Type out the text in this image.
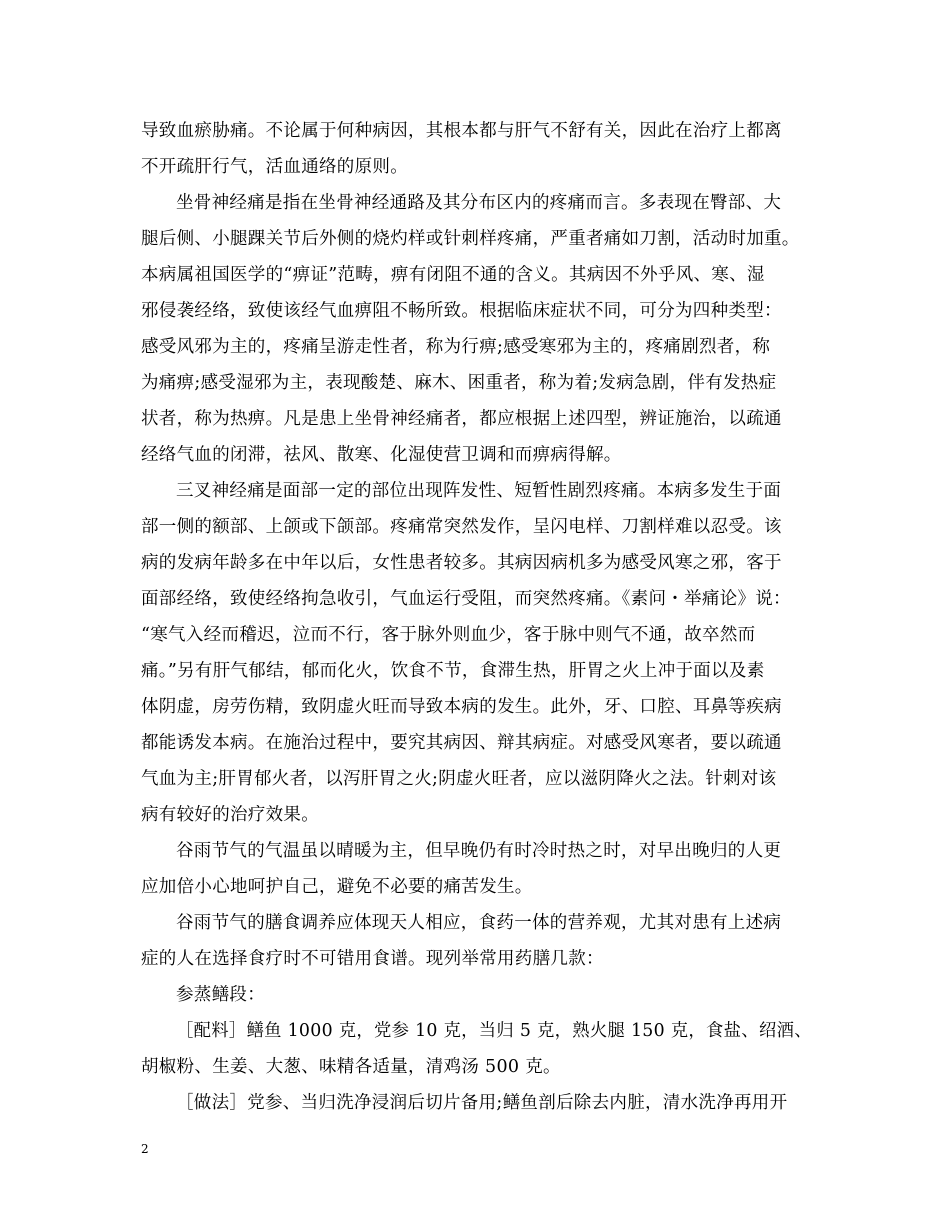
导致血瘀胁痛。不论属于何种病因，其根本都与肝气不舒有关，因此在治疗上都离
不开疏肝行气，活血通络的原则。
坐骨神经痛是指在坐骨神经通路及其分布区内的疼痛而言。多表现在臀部、大
腿后侧、小腿踝关节后外侧的烧灼样或针刺样疼痛，严重者痛如刀割，活动时加重。
本病属祖国医学的“痹证”范畴，痹有闭阻不通的含义。其病因不外乎风、寒、湿
邪侵袭经络，致使该经气血痹阻不畅所致。根据临床症状不同，可分为四种类型：
感受风邪为主的，疼痛呈游走性者，称为行痹;感受寒邪为主的，疼痛剧烈者，称
为痛痹;感受湿邪为主，表现酸楚、麻木、困重者，称为着;发病急剧，伴有发热症
状者，称为热痹。凡是患上坐骨神经痛者，都应根据上述四型，辨证施治，以疏通
经络气血的闭滞，祛风、散寒、化湿使营卫调和而痹病得解。
三叉神经痛是面部一定的部位出现阵发性、短暂性剧烈疼痛。本病多发生于面
部一侧的额部、上颌或下颌部。疼痛常突然发作，呈闪电样、刀割样难以忍受。该
病的发病年龄多在中年以后，女性患者较多。其病因病机多为感受风寒之邪，客于
面部经络，致使经络拘急收引，气血运行受阻，而突然疼痛。《素问・举痛论》说：
“寒气入经而稽迟，泣而不行，客于脉外则血少，客于脉中则气不通，故卒然而
痛。”另有肝气郁结，郁而化火，饮食不节，食滞生热，肝胃之火上冲于面以及素
体阴虚，房劳伤精，致阴虚火旺而导致本病的发生。此外，牙、口腔、耳鼻等疾病
都能诱发本病。在施治过程中，要究其病因、辩其病症。对感受风寒者，要以疏通
气血为主;肝胃郁火者，以泻肝胃之火;阴虚火旺者，应以滋阴降火之法。针刺对该
病有较好的治疗效果。
谷雨节气的气温虽以晴暖为主，但早晚仍有时冷时热之时，对早出晚归的人更
应加倍小心地呵护自己，避免不必要的痛苦发生。
谷雨节气的膳食调养应体现天人相应，食药一体的营养观，尤其对患有上述病
症的人在选择食疗时不可错用食谱。现列举常用药膳几款：
参蒸鳝段：
［配料］鳝鱼 1000 克，党参 10 克，当归 5 克，熟火腿 150 克，食盐、绍酒、
胡椒粉、生姜、大葱、味精各适量，清鸡汤 500 克。
［做法］党参、当归洗净浸润后切片备用;鳝鱼剖后除去内脏，清水洗净再用开
2
